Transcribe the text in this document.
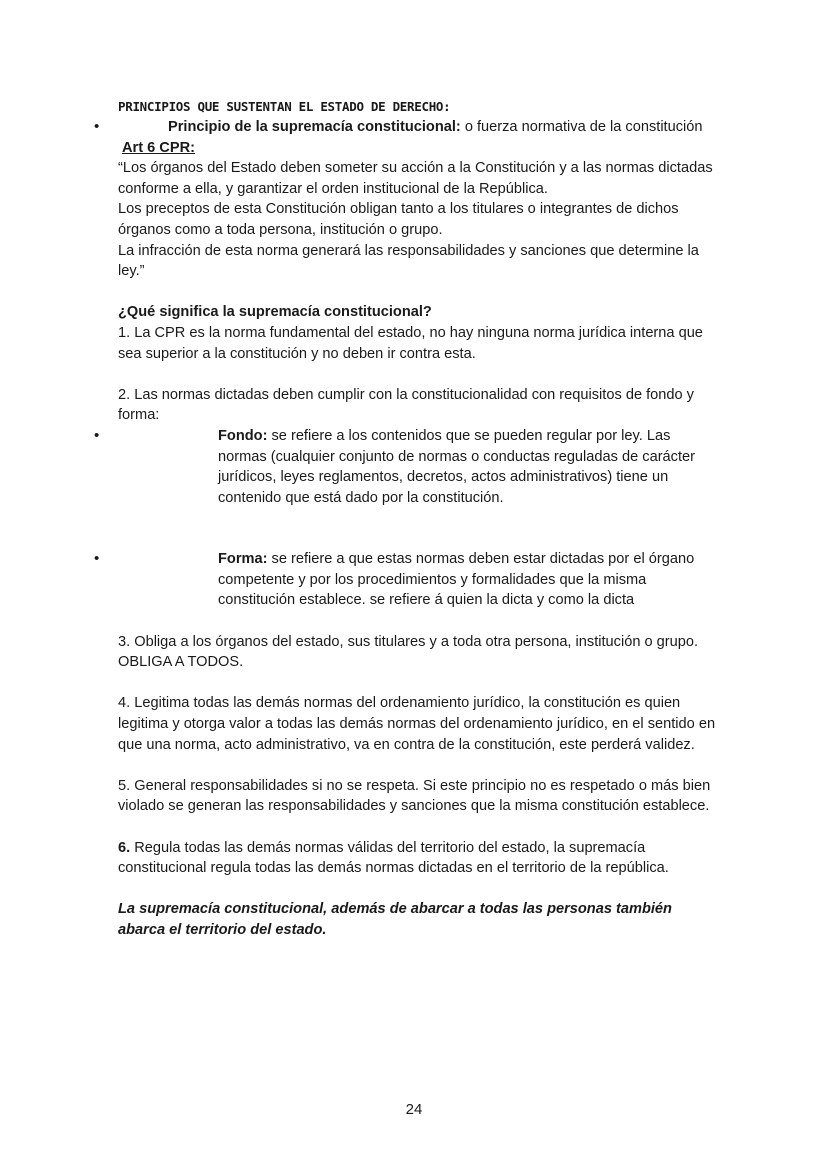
PRINCIPIOS QUE SUSTENTAN EL ESTADO DE DERECHO:
• Principio de la supremacía constitucional: o fuerza normativa de la constitución

Art 6 CPR:

“Los órganos del Estado deben someter su acción a la Constitución y a las normas dictadas conforme a ella, y garantizar el orden institucional de la República.

Los preceptos de esta Constitución obligan tanto a los titulares o integrantes de dichos órganos como a toda persona, institución o grupo.

La infracción de esta norma generará las responsabilidades y sanciones que determine la ley.”

¿Qué significa la supremacía constitucional?

1. La CPR es la norma fundamental del estado, no hay ninguna norma jurídica interna que sea superior a la constitución y no deben ir contra esta.

2. Las normas dictadas deben cumplir con la constitucionalidad con requisitos de fondo y forma:

• Fondo: se refiere a los contenidos que se pueden regular por ley. Las normas (cualquier conjunto de normas o conductas reguladas de carácter jurídicos, leyes reglamentos, decretos, actos administrativos) tiene un contenido que está dado por la constitución.
• Forma: se refiere a que estas normas deben estar dictadas por el órgano competente y por los procedimientos y formalidades que la misma constitución establece. se refiere á quien la dicta y como la dicta

3. Obliga a los órganos del estado, sus titulares y a toda otra persona, institución o grupo. OBLIGA A TODOS.

4. Legitima todas las demás normas del ordenamiento jurídico, la constitución es quien legitima y otorga valor a todas las demás normas del ordenamiento jurídico, en el sentido en que una norma, acto administrativo, va en contra de la constitución, este perderá validez.

5. General responsabilidades si no se respeta. Si este principio no es respetado o más bien violado se generan las responsabilidades y sanciones que la misma constitución establece.

6. Regula todas las demás normas válidas del territorio del estado, la supremacía constitucional regula todas las demás normas dictadas en el territorio de la república.

La supremacía constitucional, además de abarcar a todas las personas también abarca el territorio del estado.

24
